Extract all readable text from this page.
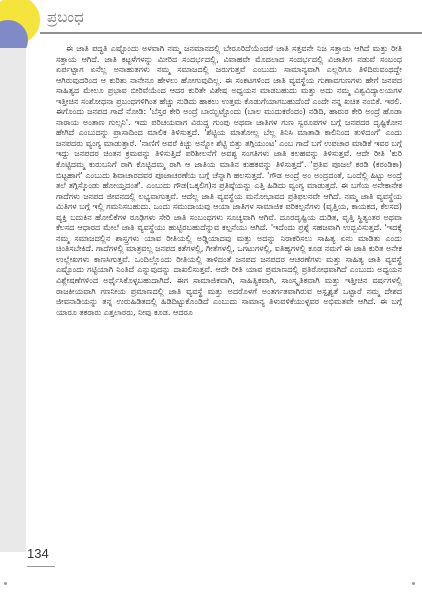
ಪ್ರಬಂಧ

ಈ ಜಾತಿ ಪದ್ಧತಿ ಎಷ್ಟೊಂದು ಅಳವಾಗಿ ನಮ್ಮ ಜನಮಾನದಲ್ಲಿ ಬೇರೂರಿದೆಯೆಂದರೆ ಜಾತಿ ಸತ್ತವನೇ ನಿಜ ಸತ್ತಾಯ ಆಗಿದೆ ಮತ್ತು ರೀತಿ ಸತ್ತಾಯ ಆಗಿದೆ. ಜಾತಿ ಕಟ್ಟಳೆಗಳನ್ನು ಮೀರಿದ ಸಂದರ್ಭದಲ್ಲಿ, ವಿವಾಹವೇ ಮೊದಲಾದ ಸಂದರ್ಭದಲ್ಲಿ ವಿಜಾತೀಗ ನಡುವೆ ಸಂಬಂಧ ಏರ್ಪಟ್ಟಾಗ ಏನೆಲ್ಲ ಅನಾಹುತಗಳು ನಮ್ಮ ಸಮಾಜದಲ್ಲಿ ಜರುಗುತ್ತವೆ ಎಂಬುದು ಸಾಮಾನ್ಯವಾಗಿ ಎಲ್ಲರಿಗೂ ತಿಳಿದಿರುವಂಥದ್ದೇ ಆಗಿರುವುದರಿಂದ ಆ ಕುರಿತು ನಾನೇನೂ ಹೇಳಲು ಹೋಗುವುದಿಲ್ಲ. ಈ ಸಂಕಟಗಳಿಂದ ಜಾತಿ ವ್ಯವಸ್ಥೆಯ ಗುಣಾವಗುಣಗಳು ಹೇಗೆ ಜನಪದ ಸಾಹಿತ್ಯದ ಮೇಲೂ ಪ್ರಭಾವ ಬೀರಿವೆಯೆಂದ ಆದರ ಕುರಿತೇ ವಿಶೇಷ ಅಧ್ಯಯನ ಮಾಡಬಹುದು ಮತ್ತು ಅದು ನಮ್ಮ ವಿಶ್ವವಿದ್ಯಾಲಯಗಳ ಇತ್ತೀಚಿನ ಸಂಶೋಧನಾ ಪ್ರಬಂಧಗಳಿಗಿಂತ ಹೆಚ್ಚು ನುಡಿದು ಹಾಕಲು ಉತ್ತಮ ಕೊಡುಗೆಯಾಗಬಹುದೆಂದೆ ಎಂದೇ ನನ್ನ ಖಚಿತ ನಂಬಿಕೆ. ಇರಲಿ. ಈಗೊಂದು ಜನಪದ ಗಾದೆ ನೋಡಿ: 'ಬೆಸ್ತರ ಕೇರಿ ಅಂದ್ರೆ ಬಾಯ್ಬಿಟ್ಟೊಂದು (ಬಾಲ ಮುದುಕರೆಂದಂ) ನಡಿದಿ, ಹಾರುರ ಕೇರಿ ಅಂದ್ರೆ ಹೊಡಾ ನಾರಾಯ ಅಂತಾಣ ಗುಲ್ಸನಿ'. ಇದು ಪರಿಚಯವಾಗ ವಿರುದ್ಧ ಗುಂಪು ಅಥವಾ ಜಾತಿಗಳ ಗುಣ ಸ್ವರೂಪಗಳ ಬಗ್ಗೆ ಜನಪದರ ದೃಷ್ಟಿಕೋನ ಹೇಗಿದೆ ಎಂಬುದನ್ನು ಪ್ರಾಸಾದಿಂದ ಮಾಲಿಕ ತಿಳಿಸುತ್ತದೆ. 'ಶೆಟ್ಟಿಯ ಮಾತೋಲ್ಲ ಬೆಲ್ಲ ತಿನಿಸಿ ಮಾತಾಡಿ ಕಾಲಿನಿಂದ ತುಳಿದಂಗೆ' ಎಂದು ಜನಪದರು ವ್ಯಂಗ್ಯ ಮಾಡುತ್ತಾರೆ. 'ನಾಣಿಗೆ ಅವರೆ ಕಿಚ್ಚು ಅನ್ನೋ ಶೆಟ್ಟಿ ಬಿತ್ತು ತಗ್ಗಿಯುಂಟ' ಎಂಬ ಗಾದೆ ಬಗೆ ಉಪಚಾರ ಮಾಡಿಕೆ ಇವರ ಬಗ್ಗೆ ಇದ್ದು ಜನಪದರ ಚಿಂತನ ಕ್ರಮವನ್ನು ತಿಳಿಸುತ್ತಿದೆ ಪರಿಶೀಲನೆಗೆ ಅವಶ್ಯ ಸಂಗತಿಗಳು ಜಾತಿ ಕಲಹವನ್ನು ತಿಳಿಸುತ್ತವೆ. ಆದೇ ರೀತಿ 'ಕುರಿ ಕೊಟ್ಟಿದಮ್ಮ ಕುರುಬನಿಗೆ ರಾಗಿ ಕೊಟ್ಟಿದಮ್ಮ ರಾಗಿ ಆ ಜಾತಿಯ ಮಾತಿನ ಕುಹಕವನ್ನು ತಿಳಿಸುತ್ತದೆ'. 'ಪ್ರತಿವ ಪೂಜಲೆ ಕರಡಿ (ಕರಂಡಿಕಾ) ಬಿಟ್ಟಹಾಗೆ' ಎಂಬುದು ಶಿವಾಚಾರದವರ ಪೂಜಾಚರಣೆಯ ಬಗ್ಗೆ ಚೆನ್ನಾಗಿ ಹಲಸುತ್ತದೆ. 'ಗೌಡ ಅಂದ್ರೆ ಅಂ ಅಂದ್ರದಂತೆ, ಒಂದೆಲ್ಲಿ ಹಿಟ್ಟು ಅಂದ್ರೆ ತಲೆ ತಗ್ಗಿಸ್ಕೊಂಡು ಹೋಯ್ತದಂತೆ'. ಎಂಬುದು ಗೌಡ(ಒಕ್ಕಲಿಗ)ನ ಪ್ರತಿಷ್ಠೆಯನ್ನು ಎತ್ತಿ ಹಿಡಿದು ವ್ಯಂಗ್ಯ ಮಾಡುತ್ತದೆ. ಈ ಬಗೆಯ ಅನೇಕಾನೇಕ ಗಾದೆಗಳು ಜನಪದ ಜೀವನದಲ್ಲಿ ಲಭ್ಯವಾಗುತ್ತವೆ. ಆದೆಲ್ಲ ಜಾತಿ ವ್ಯವಸ್ಥೆಯ ಮನೋಭಾವದ ಪ್ರತಿಫಲನವೇ ಆಗಿದೆ. ನಮ್ಮ ಜಾತಿ ವ್ಯವಸ್ಥೆಯ ಮಿತಿಗಳ ಬಗ್ಗೆ ಇಲ್ಲಿ ಗಮನಿಸಬಹುದು. ಒಂದು ಸಮುದಾಯವು ಆಯಾ ಜಾತಿಗಳ ಸಾಮಾಜಿಕ ಪರಿಕಲ್ಪನೆಗಳು (ವೃತ್ತಿಯ, ಕಾಯಕದ, ಕೆಲಸದ) ವ್ಯಕ್ತಿ ಬದುಕಿನ ಹೋಲಿಕೆಗಳ ರೂಢಿಗಳು ಸೇರಿ ಜಾತಿ ಸಂಬಂಧಗಳು ಸೂಚ್ಯವಾಗಿ ಆಗಿವೆ. ದೂರದೃಷ್ಟಿಯ ದುಡಿತ, ವೃತ್ತಿ ಸ್ಥಿತ್ಯಂತರ ಅಥವಾ ಕೆಲಸದ ಆಧಾರದ ಮೇಲೆ ಜಾತಿ ವ್ಯವಸ್ಥೆಯು ಹುಟ್ಟಿರಬಹುದೆನ್ನುವ ಕಲ್ಪನೆಯು ಆಗಿದೆ. 'ಇದೆಂದು ಪ್ರಶ್ನೆ ಸಹಜವಾಗಿ ಉದ್ಭವಿಸುತ್ತದೆ. 'ಇದಕ್ಕೆ ನಮ್ಮ ಸಮಾಜದಲ್ಲಿನ ಶಾಸ್ತ್ರಗಳು ಯಾವ ರೀತಿಯಲ್ಲಿ ಅಡ್ಡಿಯಾದವು ಮತ್ತು ಅದನ್ನು ನಿರಾಕರಿಸಲು ಸಾಹಿತ್ಯ ಏನು ಮಾಡಿತು ಎಂದು ಚಿಂತಿಸಬೇಕಿದೆ. ಗಾದೆಗಳಲ್ಲಿ ಮಾತ್ರವಲ್ಲ ಜನಪದ ಕತೆಗಳಲ್ಲಿ, ಗೀತೆಗಳಲ್ಲಿ, ಒಗಟುಗಳಲ್ಲಿ, ಐತಿಹ್ಯಗಳಲ್ಲಿ ಕೂಡ ನಮಗೆ ಈ ಜಾತಿ ಕುರಿತ ಅನೇಕ ಉಲ್ಲೇಖಗಳು ಕಾಣಸಿಗುತ್ತವೆ. ಒಂದಿಲ್ಲೊಂದು ರೀತಿಯಲ್ಲಿ ತಾಳಿದಂತೆ ಜನಪದ ಜನಪದರ ಆಚರಣೆಗಳು ಮತ್ತು ಸಾಹಿತ್ಯ ಜಾತಿ ವ್ಯವಸ್ಥೆ ಎಷ್ಟೊಂದು ಗಟ್ಟಿಯಾಗಿ ನಿಂತಿದೆ ಎನ್ನುವುದನ್ನು ದಾಖಲಿಸುತ್ತವೆ. ಆದೇ ರೀತಿ ಯಾವ ಪ್ರಮಾಣದಲ್ಲಿ ಪ್ರತಿರೋಧವಾಗಿದೆ ಎಂಬುದು ಅಧ್ಯಯನ ವಿಶ್ಲೇಷಣೆಗಳಿಂದ ಅರ್ಥೈಸಿಕೊಳ್ಳಬಹುದಾಗಿದೆ. ಈಗ ಸಾಮಾಜಿಕವಾಗಿ, ಸಾಹಿತ್ಯಿಕವಾಗಿ, ಸಾಂಸ್ಕೃತಿಕವಾಗಿ ಮತ್ತು ಇತ್ತೀಚಿನ ವರ್ಷಗಳಲ್ಲಿ ರಾಜಕೀಯವಾಗಿ ಗಣನೀಯ ಪ್ರಮಾಣದಲ್ಲಿ ಜಾತಿ ವ್ಯವಸ್ಥೆ ಮತ್ತು ಅದರೊಳಗೆ ಅಂತರ್ಗತವಾಗಿರುವ ಅಸ್ಪೃಶ್ಯತೆ ಒಟ್ಟಾರೆ ನಮ್ಮ ದೇಶದ ಜೀವನಾಡಿಯನ್ನು ತನ್ನ ಉರುಹಿಡಿತದಲ್ಲಿ ಹಿಡಿದಿಟ್ಟುಕೊಂಡಿದೆ ಎಂಬುದು ಸಾಮಾನ್ಯ ತಿಳುವಳಿಕೆಯುಳ್ಳವರ ಅಭಿಮತವೇ ಆಗಿದೆ. ಈ ಬಗ್ಗೆ ಯಾರೂ ತಕರಾರು ಎತ್ತಲಾರರು, ನೀವು ಕೂಡ. ಆದರೂ

134
